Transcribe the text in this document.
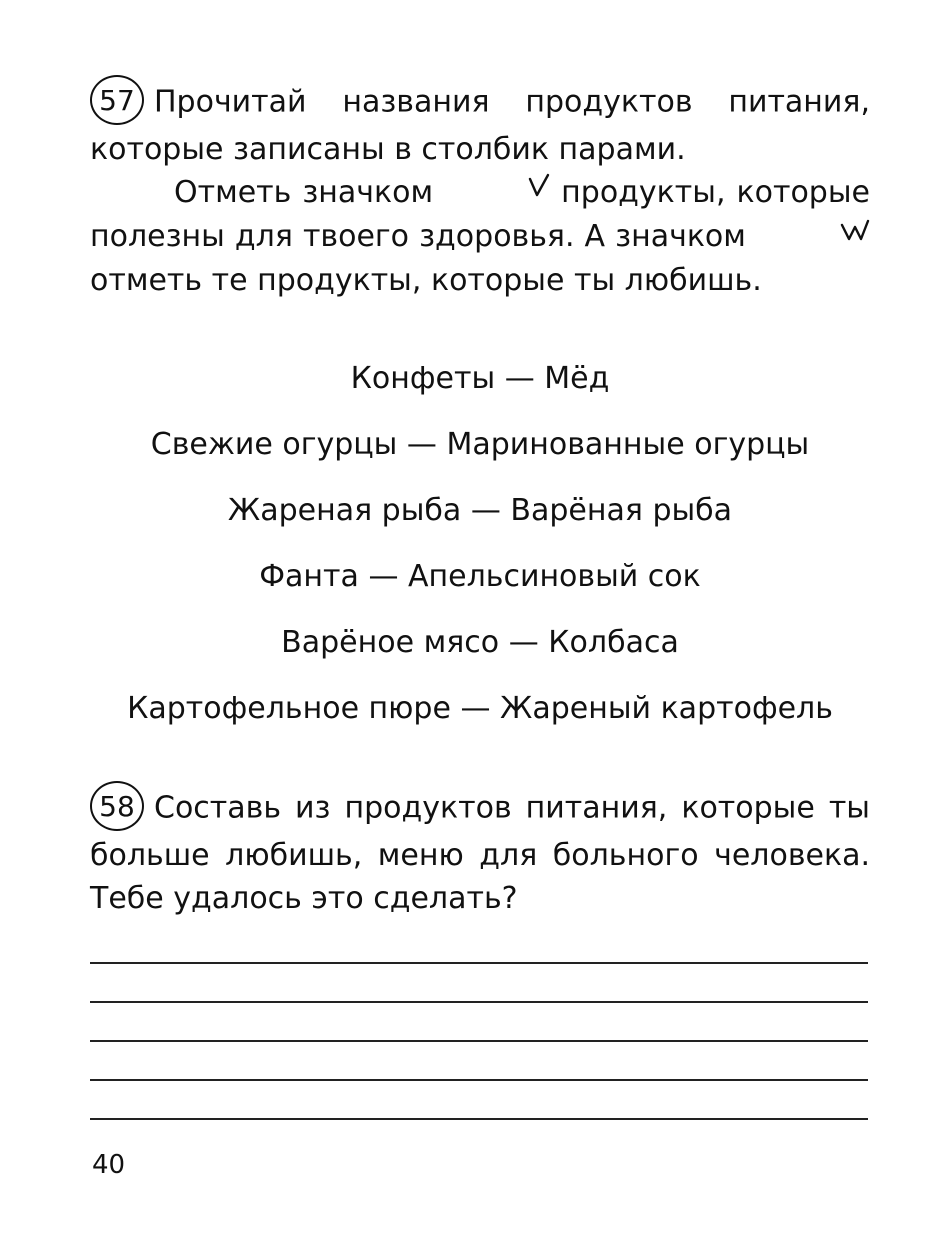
57 Прочитай названия продуктов питания, которые записаны в столбик парами.

Отметь значком	продукты, которые полезны для твоего здоровья. А значком  отметь те продукты, которые ты любишь.

Конфеты — Мёд
Свежие огурцы — Маринованные огурцы
Жареная рыба — Варёная рыба
Фанта — Апельсиновый сок
Варёное мясо — Колбаса
Картофельное пюре — Жареный картофель

58 Составь из продуктов питания, которые ты больше любишь, меню для больного человека. Тебе удалось это сделать?

40
